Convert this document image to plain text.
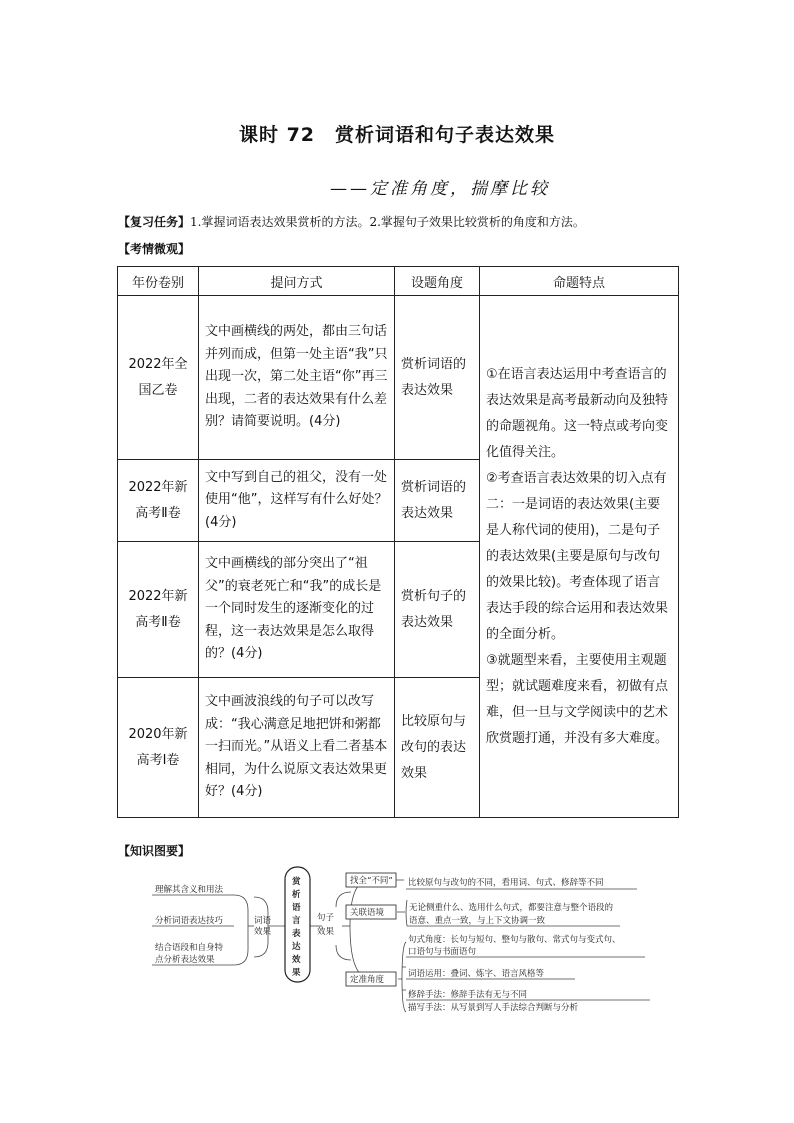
课时 72　赏析词语和句子表达效果
——定准角度，揣摩比较
【复习任务】1.掌握词语表达效果赏析的方法。2.掌握句子效果比较赏析的角度和方法。
【考情微观】
年份卷别	提问方式	设题角度	命题特点
2022年全国乙卷	文中画横线的两处，都由三句话并列而成，但第一处主语“我”只出现一次，第二处主语“你”再三出现，二者的表达效果有什么差别？请简要说明。(4分)	赏析词语的表达效果	①在语言表达运用中考查语言的表达效果是高考最新动向及独特的命题视角。这一特点或考向变化值得关注。
②考查语言表达效果的切入点有二：一是词语的表达效果(主要是人称代词的使用)，二是句子的表达效果(主要是原句与改句的效果比较)。考查体现了语言表达手段的综合运用和表达效果的全面分析。
③就题型来看，主要使用主观题型；就试题难度来看，初做有点难，但一旦与文学阅读中的艺术欣赏题打通，并没有多大难度。

2022年新高考Ⅱ卷	文中写到自己的祖父，没有一处使用“他”，这样写有什么好处？(4分)	赏析词语的表达效果	
2022年新高考Ⅱ卷	文中画横线的部分突出了“祖父”的衰老死亡和“我”的成长是一个同时发生的逐渐变化的过程，这一表达效果是怎么取得的？(4分)	赏析句子的表达效果	
2020年新高考Ⅰ卷	文中画波浪线的句子可以改写成：“我心满意足地把饼和粥都一扫而光。”从语义上看二者基本相同，为什么说原文表达效果更好？(4分)	比较原句与改句的表达效果	
【知识图要】
理解其含义和用法
分析词语表达技巧
结合语段和自身特
点分析表达效果
词语
效果
赏
析
语
言
表
达
效
果
句子
效果
找全“不同”
关联语境
定准角度
比较原句与改句的不同，看用词、句式、修辞等不同
无论侧重什么、选用什么句式，都要注意与整个语段的
语意、重点一致，与上下文协调一致
句式角度：长句与短句、整句与散句、常式句与变式句、
口语句与书面语句
词语运用：叠词、炼字、语言风格等
修辞手法：修辞手法有无与不同
描写手法：从写景到写人手法综合判断与分析
